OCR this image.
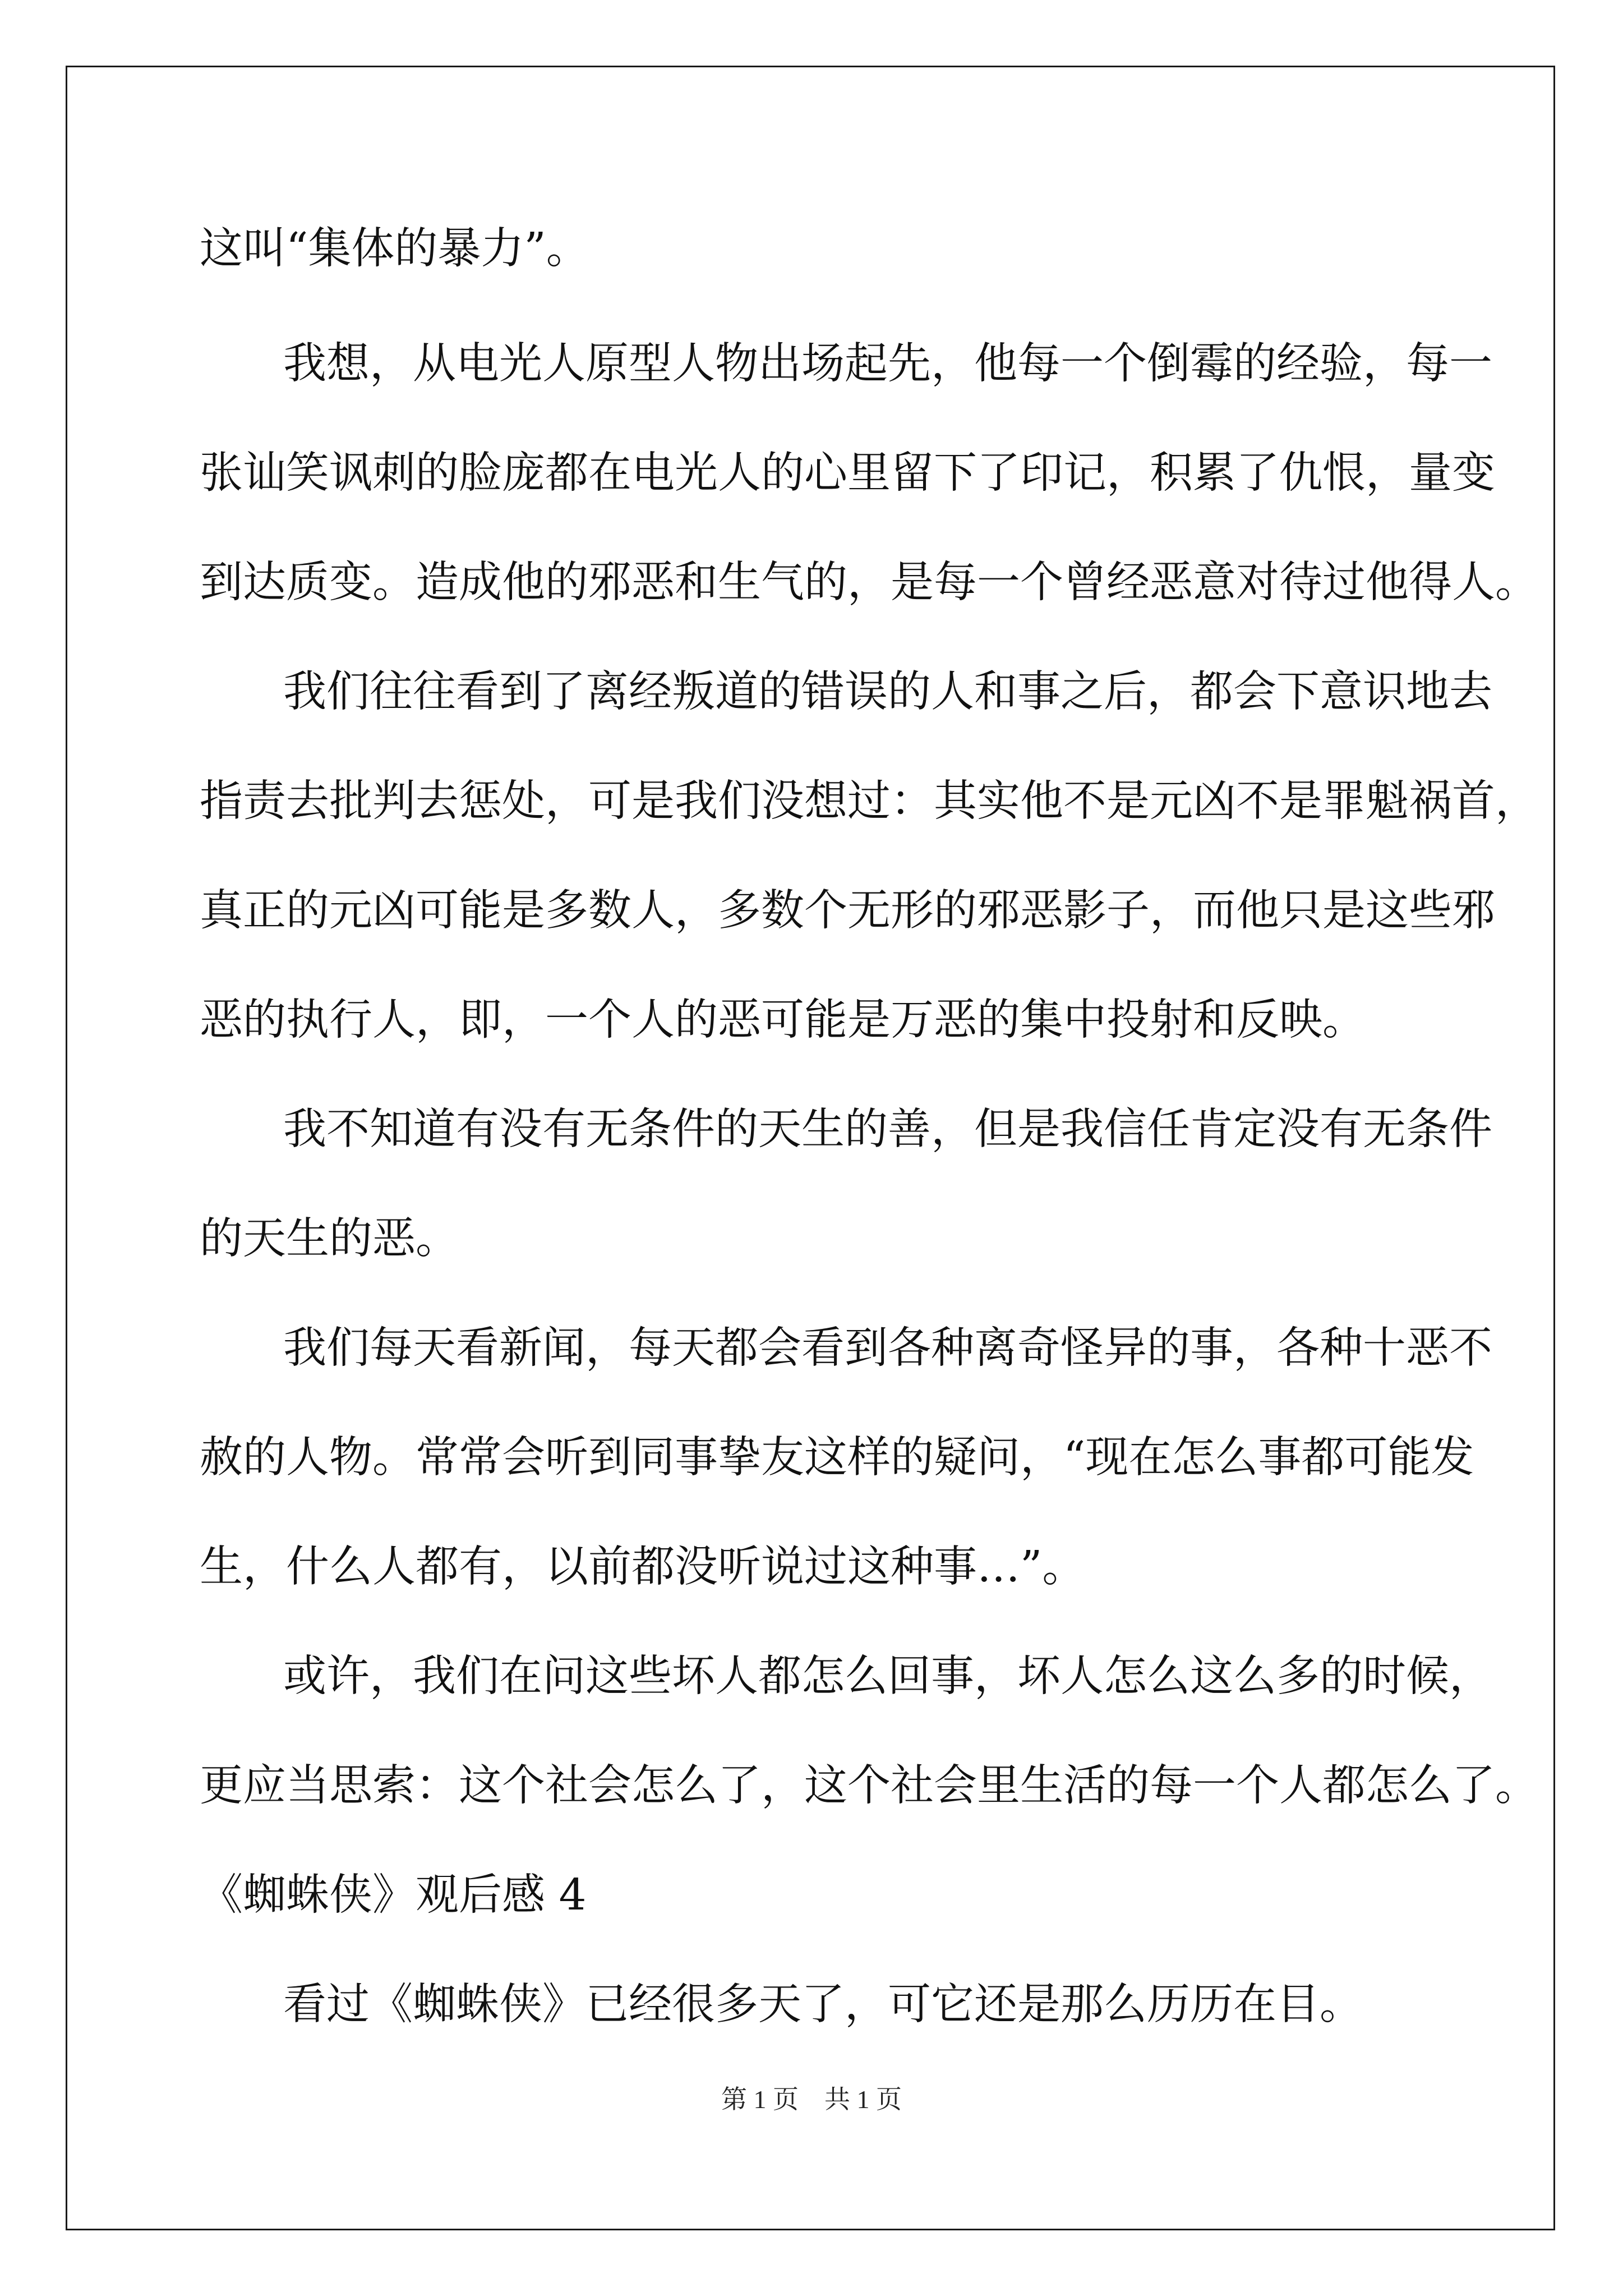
这叫“集体的暴力”。
我想，从电光人原型人物出场起先，他每一个倒霉的经验，每一
张讪笑讽刺的脸庞都在电光人的心里留下了印记，积累了仇恨，量变
到达质变。造成他的邪恶和生气的，是每一个曾经恶意对待过他得人。
我们往往看到了离经叛道的错误的人和事之后，都会下意识地去
指责去批判去惩处，可是我们没想过：其实他不是元凶不是罪魁祸首，
真正的元凶可能是多数人，多数个无形的邪恶影子，而他只是这些邪
恶的执行人，即，一个人的恶可能是万恶的集中投射和反映。
我不知道有没有无条件的天生的善，但是我信任肯定没有无条件
的天生的恶。
我们每天看新闻，每天都会看到各种离奇怪异的事，各种十恶不
赦的人物。常常会听到同事挚友这样的疑问，“现在怎么事都可能发
生，什么人都有，以前都没听说过这种事…”。
或许，我们在问这些坏人都怎么回事，坏人怎么这么多的时候，
更应当思索：这个社会怎么了，这个社会里生活的每一个人都怎么了。
《蜘蛛侠》观后感 4
看过《蜘蛛侠》已经很多天了，可它还是那么历历在目。
第 1 页　共 1 页
